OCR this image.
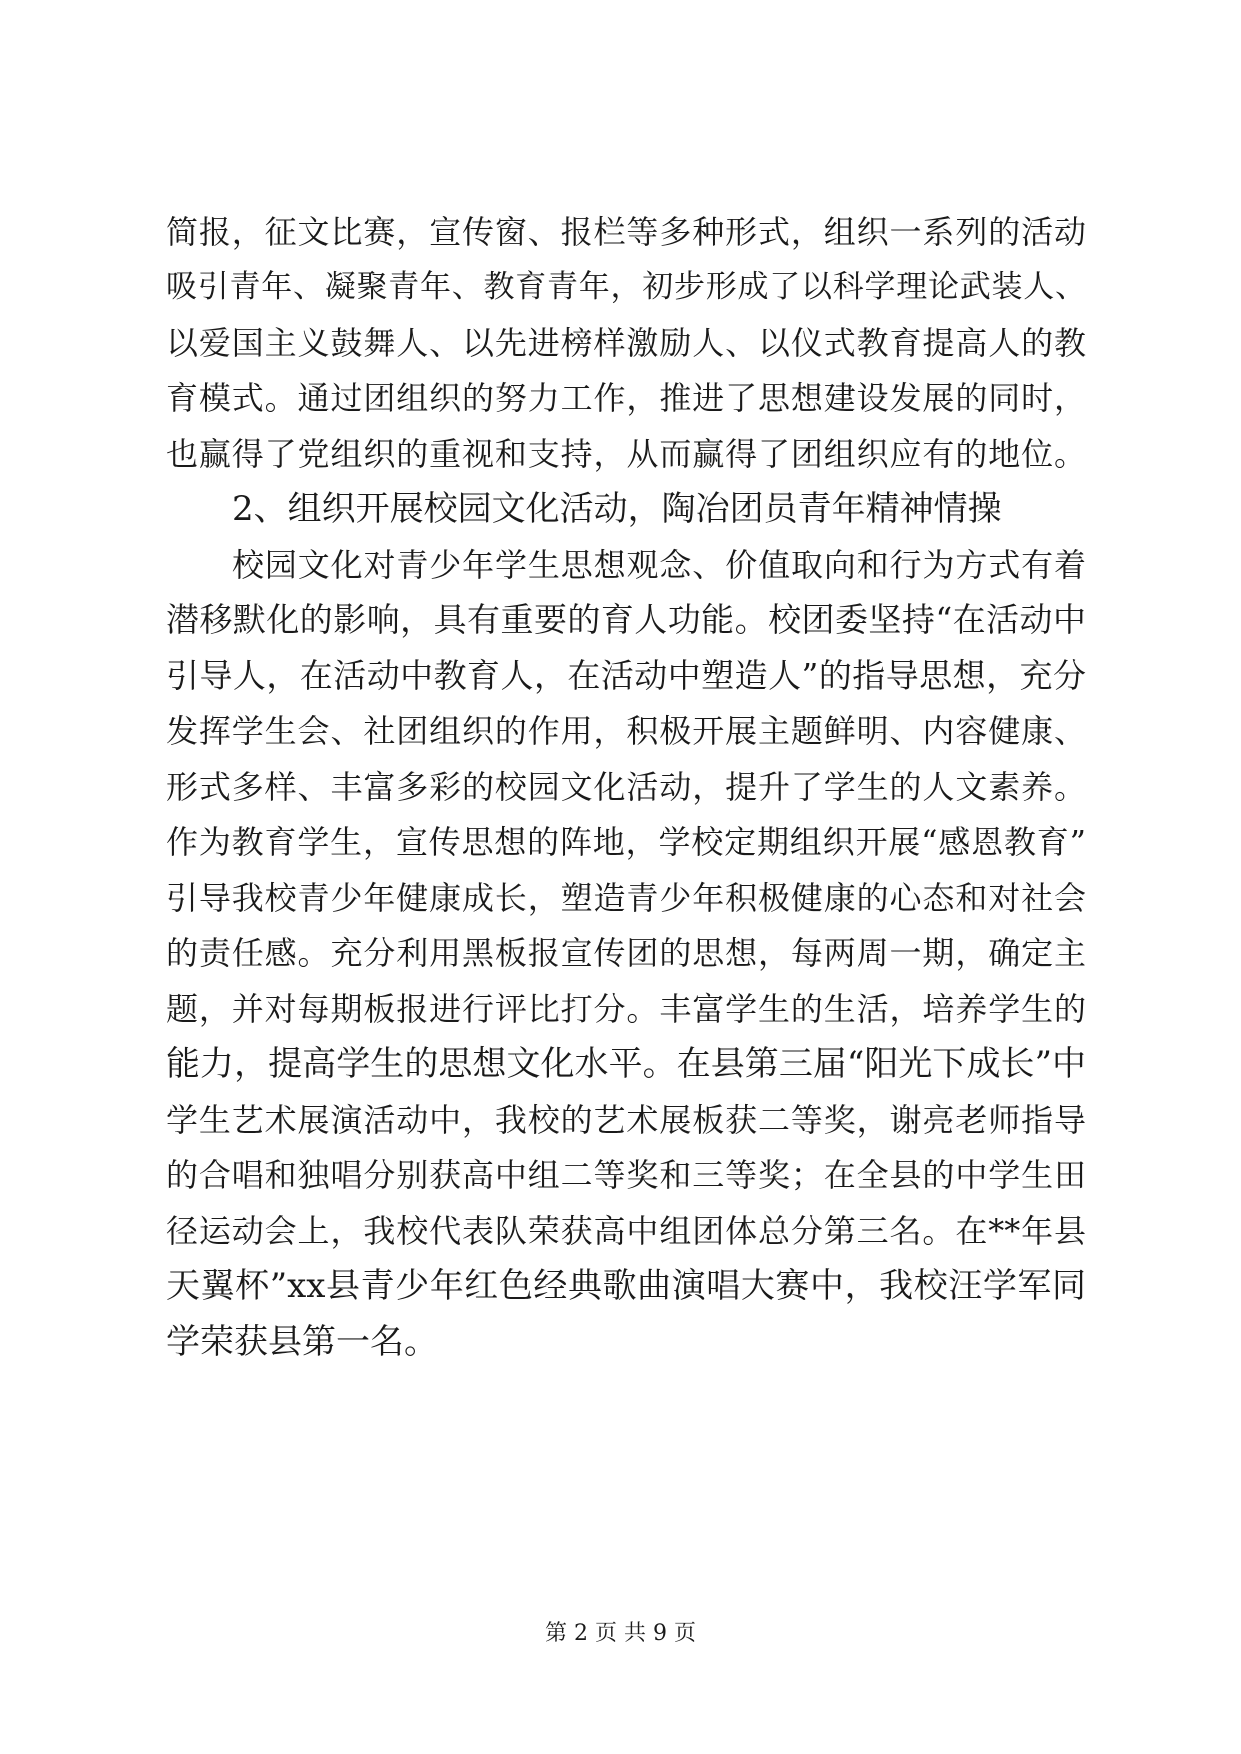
简报，征文比赛，宣传窗、报栏等多种形式，组织一系列的活动
吸引青年、凝聚青年、教育青年，初步形成了以科学理论武装人、
以爱国主义鼓舞人、以先进榜样激励人、以仪式教育提高人的教
育模式。通过团组织的努力工作，推进了思想建设发展的同时，
也赢得了党组织的重视和支持，从而赢得了团组织应有的地位。
2、组织开展校园文化活动，陶冶团员青年精神情操
校园文化对青少年学生思想观念、价值取向和行为方式有着
潜移默化的影响，具有重要的育人功能。校团委坚持“在活动中
引导人，在活动中教育人，在活动中塑造人”的指导思想，充分
发挥学生会、社团组织的作用，积极开展主题鲜明、内容健康、
形式多样、丰富多彩的校园文化活动，提升了学生的人文素养。
作为教育学生，宣传思想的阵地，学校定期组织开展“感恩教育”
引导我校青少年健康成长，塑造青少年积极健康的心态和对社会
的责任感。充分利用黑板报宣传团的思想，每两周一期，确定主
题，并对每期板报进行评比打分。丰富学生的生活，培养学生的
能力，提高学生的思想文化水平。在县第三届“阳光下成长”中
学生艺术展演活动中，我校的艺术展板获二等奖，谢亮老师指导
的合唱和独唱分别获高中组二等奖和三等奖；在全县的中学生田
径运动会上，我校代表队荣获高中组团体总分第三名。在**年县
天翼杯”xx县青少年红色经典歌曲演唱大赛中，我校汪学军同
学荣获县第一名。
第 2 页 共 9 页
